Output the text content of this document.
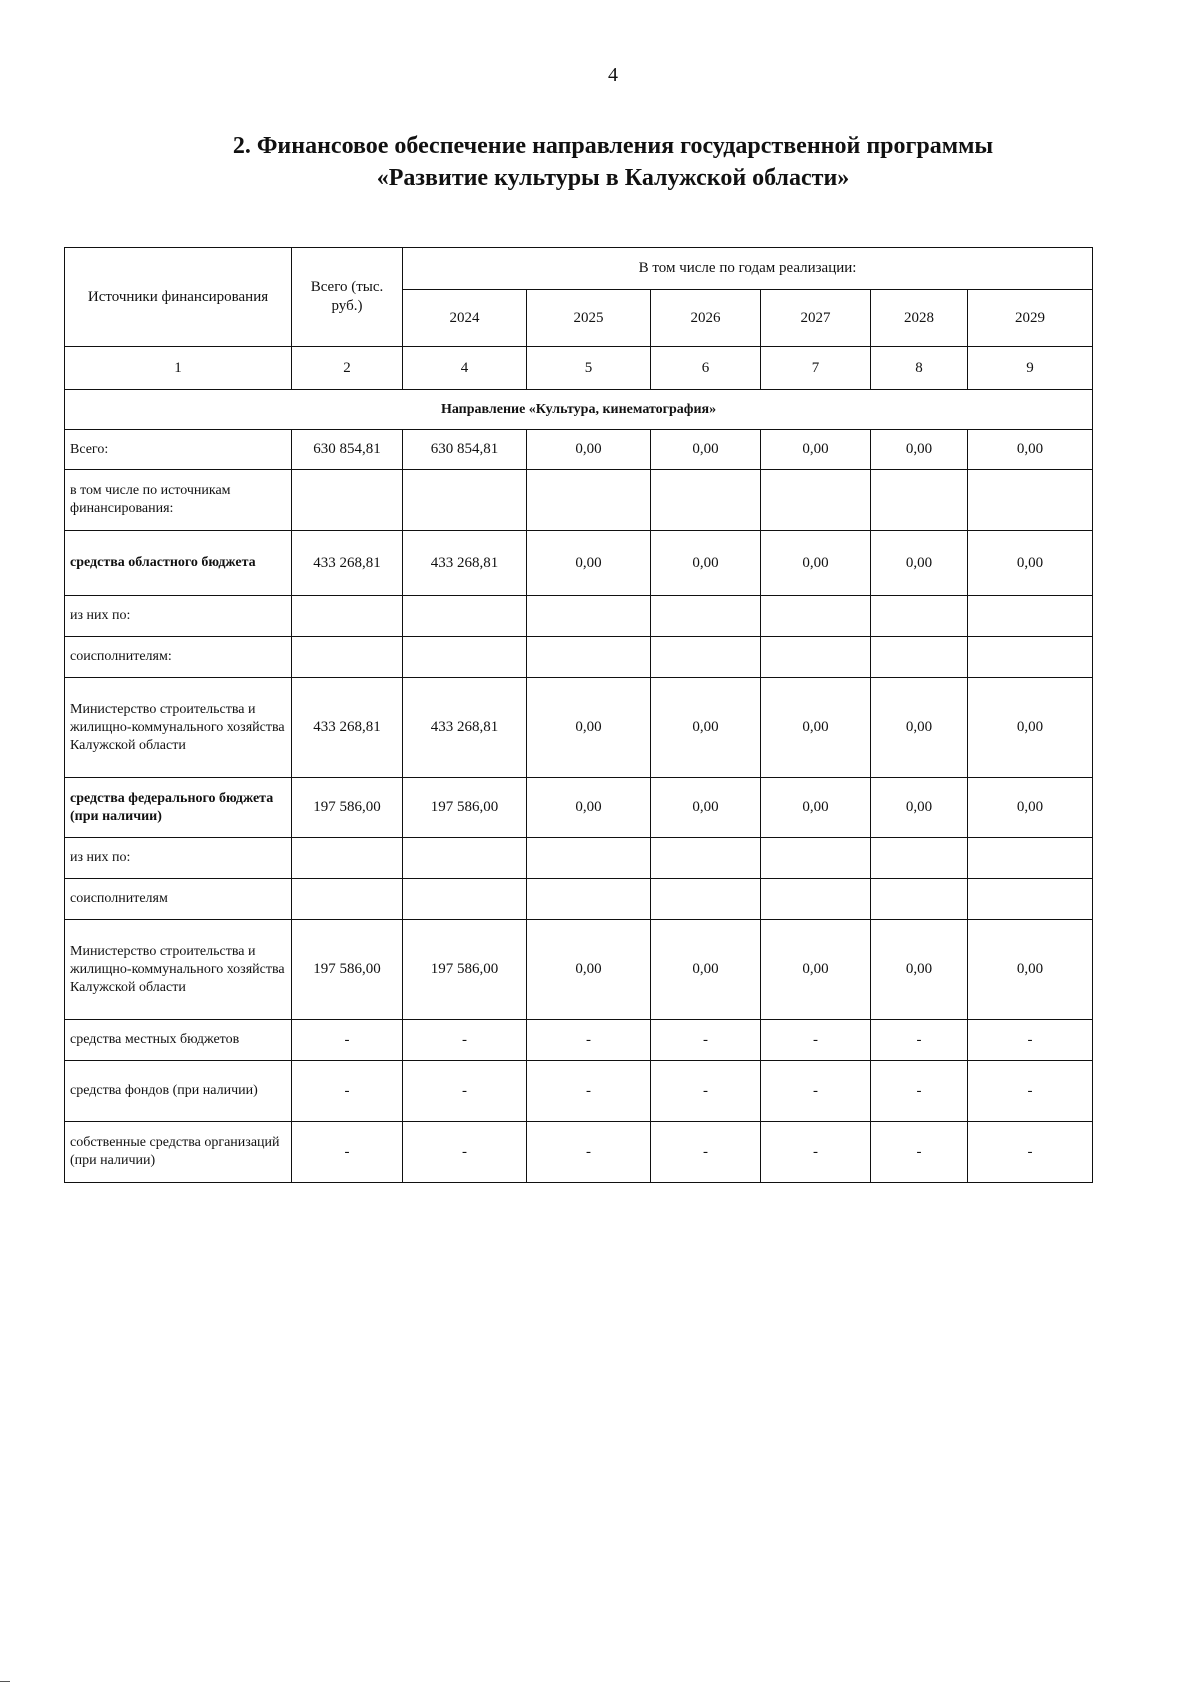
4
2. Финансовое обеспечение направления государственной программы
«Развитие культуры в Калужской области»
Источники финансирования	Всего (тыс. руб.)	В том числе по годам реализации:					
		2024	2025	2026	2027	2028	2029
1	2	4	5	6	7	8	9
Направление «Культура, кинематография»							
Всего:	630 854,81	630 854,81	0,00	0,00	0,00	0,00	0,00
в том числе по источникам финансирования:							
средства областного бюджета	433 268,81	433 268,81	0,00	0,00	0,00	0,00	0,00
из них по:							
соисполнителям:							
Министерство строительства и жилищно-коммунального хозяйства Калужской области	433 268,81	433 268,81	0,00	0,00	0,00	0,00	0,00
средства федерального бюджета (при наличии)	197 586,00	197 586,00	0,00	0,00	0,00	0,00	0,00
из них по:							
соисполнителям							
Министерство строительства и жилищно-коммунального хозяйства Калужской области	197 586,00	197 586,00	0,00	0,00	0,00	0,00	0,00
средства местных бюджетов	-	-	-	-	-	-	-
средства фондов (при наличии)	-	-	-	-	-	-	-
собственные средства организаций (при наличии)	-	-	-	-	-	-	-
